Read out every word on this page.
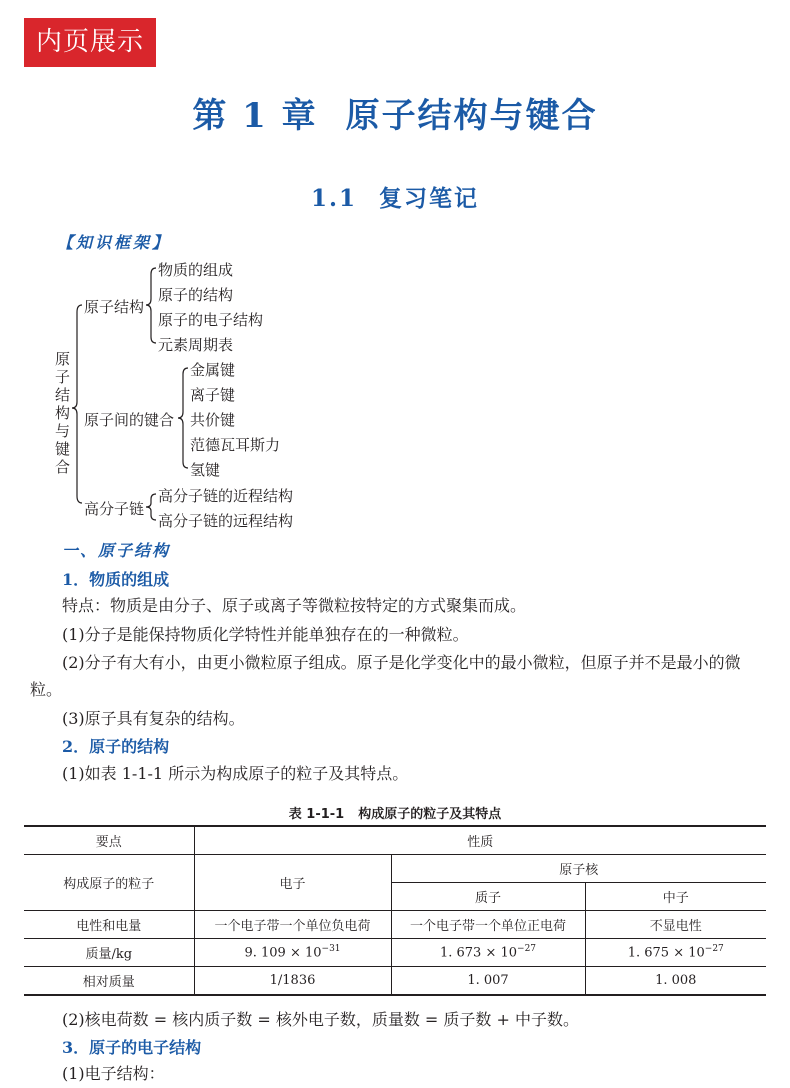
内页展示
第 1 章 原子结构与键合
1.1 复习笔记
【知识框架】
原子结构与键合
原子结构
物质的组成
原子的结构
原子的电子结构
元素周期表
原子间的键合
金属键
离子键
共价键
范德瓦耳斯力
氢键
高分子链
高分子链的近程结构
高分子链的远程结构
一、原子结构
1．物质的组成
特点：物质是由分子、原子或离子等微粒按特定的方式聚集而成。
(1)分子是能保持物质化学特性并能单独存在的一种微粒。
(2)分子有大有小，由更小微粒原子组成。原子是化学变化中的最小微粒，但原子并不是最小的微粒。
(3)原子具有复杂的结构。
2．原子的结构
(1)如表 1-1-1 所示为构成原子的粒子及其特点。
表 1-1-1 构成原子的粒子及其特点
要点	性质		
构成原子的粒子	电子	原子核	
		质子	中子
电性和电量	一个电子带一个单位负电荷	一个电子带一个单位正电荷	不显电性
质量/kg	9. $109 \times 10^{-31}$	1. $673 \times 10^{-27}$	1. $675 \times 10^{-27}$
相对质量	1/1836	1. 007	1. 008
(2)核电荷数 = 核内质子数 = 核外电子数，质量数 = 质子数 + 中子数。
3．原子的电子结构
(1)电子结构：
